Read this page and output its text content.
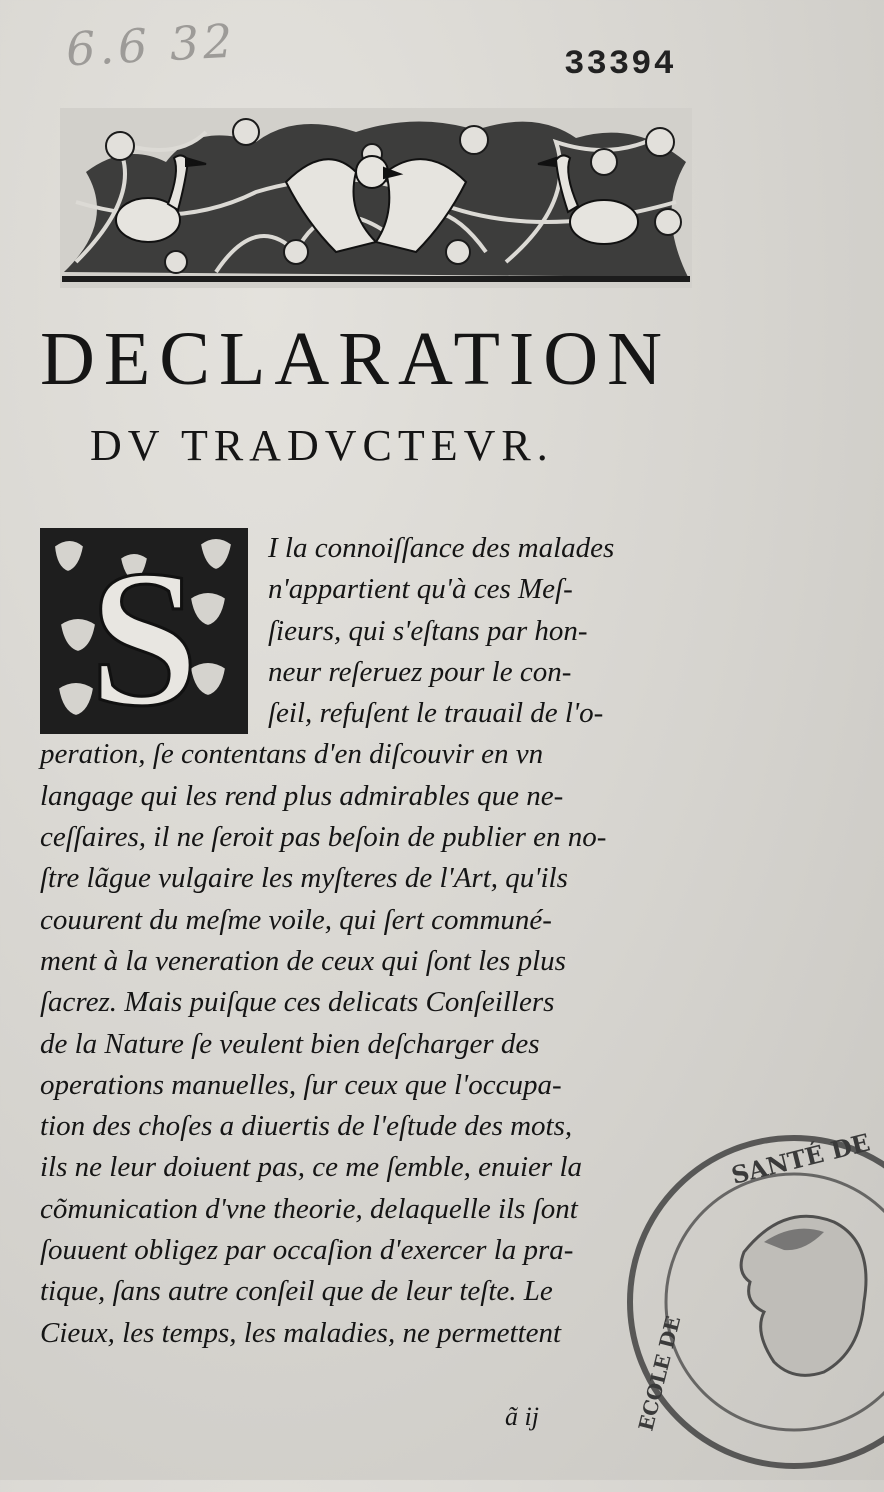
6.6 32	33394
DECLARATION
DV TRADVCTEVR.
S	I la connoiſſance des malades
n'appartient qu'à ces Meſ-
ſieurs, qui s'eſtans par hon-
neur reſeruez pour le con-
ſeil, refuſent le trauail de l'o-
peration, ſe contentans d'en diſcouvir en vn
langage qui les rend plus admirables que ne-
ceſſaires, il ne ſeroit pas beſoin de publier en no-
ſtre lãgue vulgaire les myſteres de l'Art, qu'ils
couurent du meſme voile, qui ſert communé-
ment à la veneration de ceux qui ſont les plus
ſacrez. Mais puiſque ces delicats Conſeillers
de la Nature ſe veulent bien deſcharger des
operations manuelles, ſur ceux que l'occupa-
tion des choſes a diuertis de l'eſtude des mots,
ils ne leur doiuent pas, ce me ſemble, enuier la
cõmunication d'vne theorie, delaquelle ils ſont
ſouuent obligez par occaſion d'exercer la pra-
tique, ſans autre conſeil que de leur teſte. Le
Cieux, les temps, les maladies, ne permettent
ã ij
SANTÉ DE
ECOLE DE
